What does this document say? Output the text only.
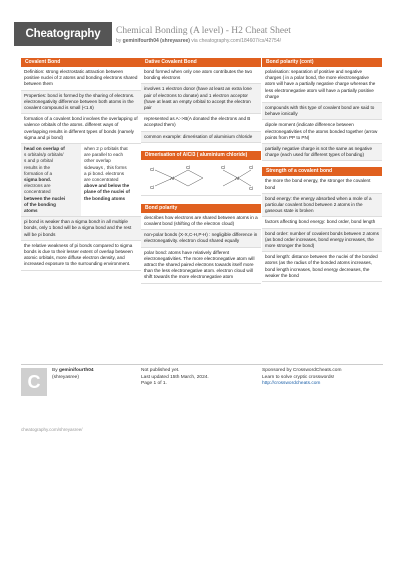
Cheatography	Chemical Bonding (A level) - H2 Cheat Sheet
by geminifourth04 (shreyasree) via cheatography.com/184607/cs/42754/
Covalent Bond
Definition: strong electrostatic attraction between positive nuclei of 2 atoms and bonding electrons shared between them
Properties: bond is formed by the sharing of electrons. electronegativity difference between both atoms in the covalent compound is small (<1.6)
formation of a covalent bond involves the overlapping of valence orbitals of the atoms. different ways of overlapping results in different types of bonds (namely sigma and pi bond)
head on overlap of
s orbitals/p orbitals/
s and p orbital
results in the
formation of a
sigma bond.
electrons are
concentrated
between the nuclei
of the bonding
atoms
when 2 p orbitals that
are parallel to each
other overlap
sideways , this forms
a pi bond. electrons
are concentrated
above and below the
plane of the nuclei of
the bonding atoms
pi bond is weaker than a sigma bond! in all multiple bonds, only 1 bond will be a sigma bond and the rest will be pi bonds
the relative weakness of pi bonds compared to sigma bonds is due to their lesser extent of overlap between atomic orbitals, more diffuse electron density, and increased exposure to the surrounding environment.
Dative Covalent Bond
bond formed when only one atom contributes the two bonding electrons
involves 1 electron donor (have at least an extra lone pair of electrons to donate) and 1 electron acceptor (have at least an empty orbital to accept the electron pair
represented as A:->B(A donated the electrons and B accepted them)
common example: dimerisation of aluminium chloride
Dimerisation of AlCl3 ( aluminium chloride)
Cl
Cl
Al
Cl	Cl
Al
Cl
Cl
Bond polarity
describes how electrons are shared between atoms in a covalent bond (shifting of the electron cloud)
non-polar bonds (X-X,C-H,P-H) : negligible difference in electronegativity. electron cloud shared equally
polar bond: atoms have relatively different electronegativities. The more electronegative atom will attract the shared paired electrons towards itself more than the less electronegative atom. electron cloud will shift towards the more electronegative atom
Bond polarity (cont)
polarisation: separation of positive and negative charges ( in a polar bond, the more electronegative atom will have a partially negative charge whereas the less electronegative atom will have a partially positive charge
compounds with this type of covalent bond are said to behave ionically
dipole moment (indicate difference between electronegativities of the atoms bonded together (arrow points from PP to PN)
partially negative charge is not the same as negative charge (each used for different types of bonding)
Strength of a covalent bond
the more the bond energy, the stronger the covalent bond
bond energy: the energy absorbed when a mole of a particular covalent bond between 2 atoms in the gaseous state is broken
factors affecting bond energy: bond order, bond length
bond order: number of covalent bonds between 2 atoms (as bond order increases, bond energy increases, the more stronger the bond)
bond length: distance between the nuclei of the bonded atoms (as the radius of the bonded atoms increases, bond length increases, bond energy decreases, the weaker the bond
C
By geminifourth04
(shreyasree)
cheatography.com/shreyasree/
Not published yet.
Last updated 15th March, 2024.
Page 1 of 1.
Sponsored by CrosswordCheats.com
Learn to solve cryptic crosswords!
http://crosswordcheats.com
